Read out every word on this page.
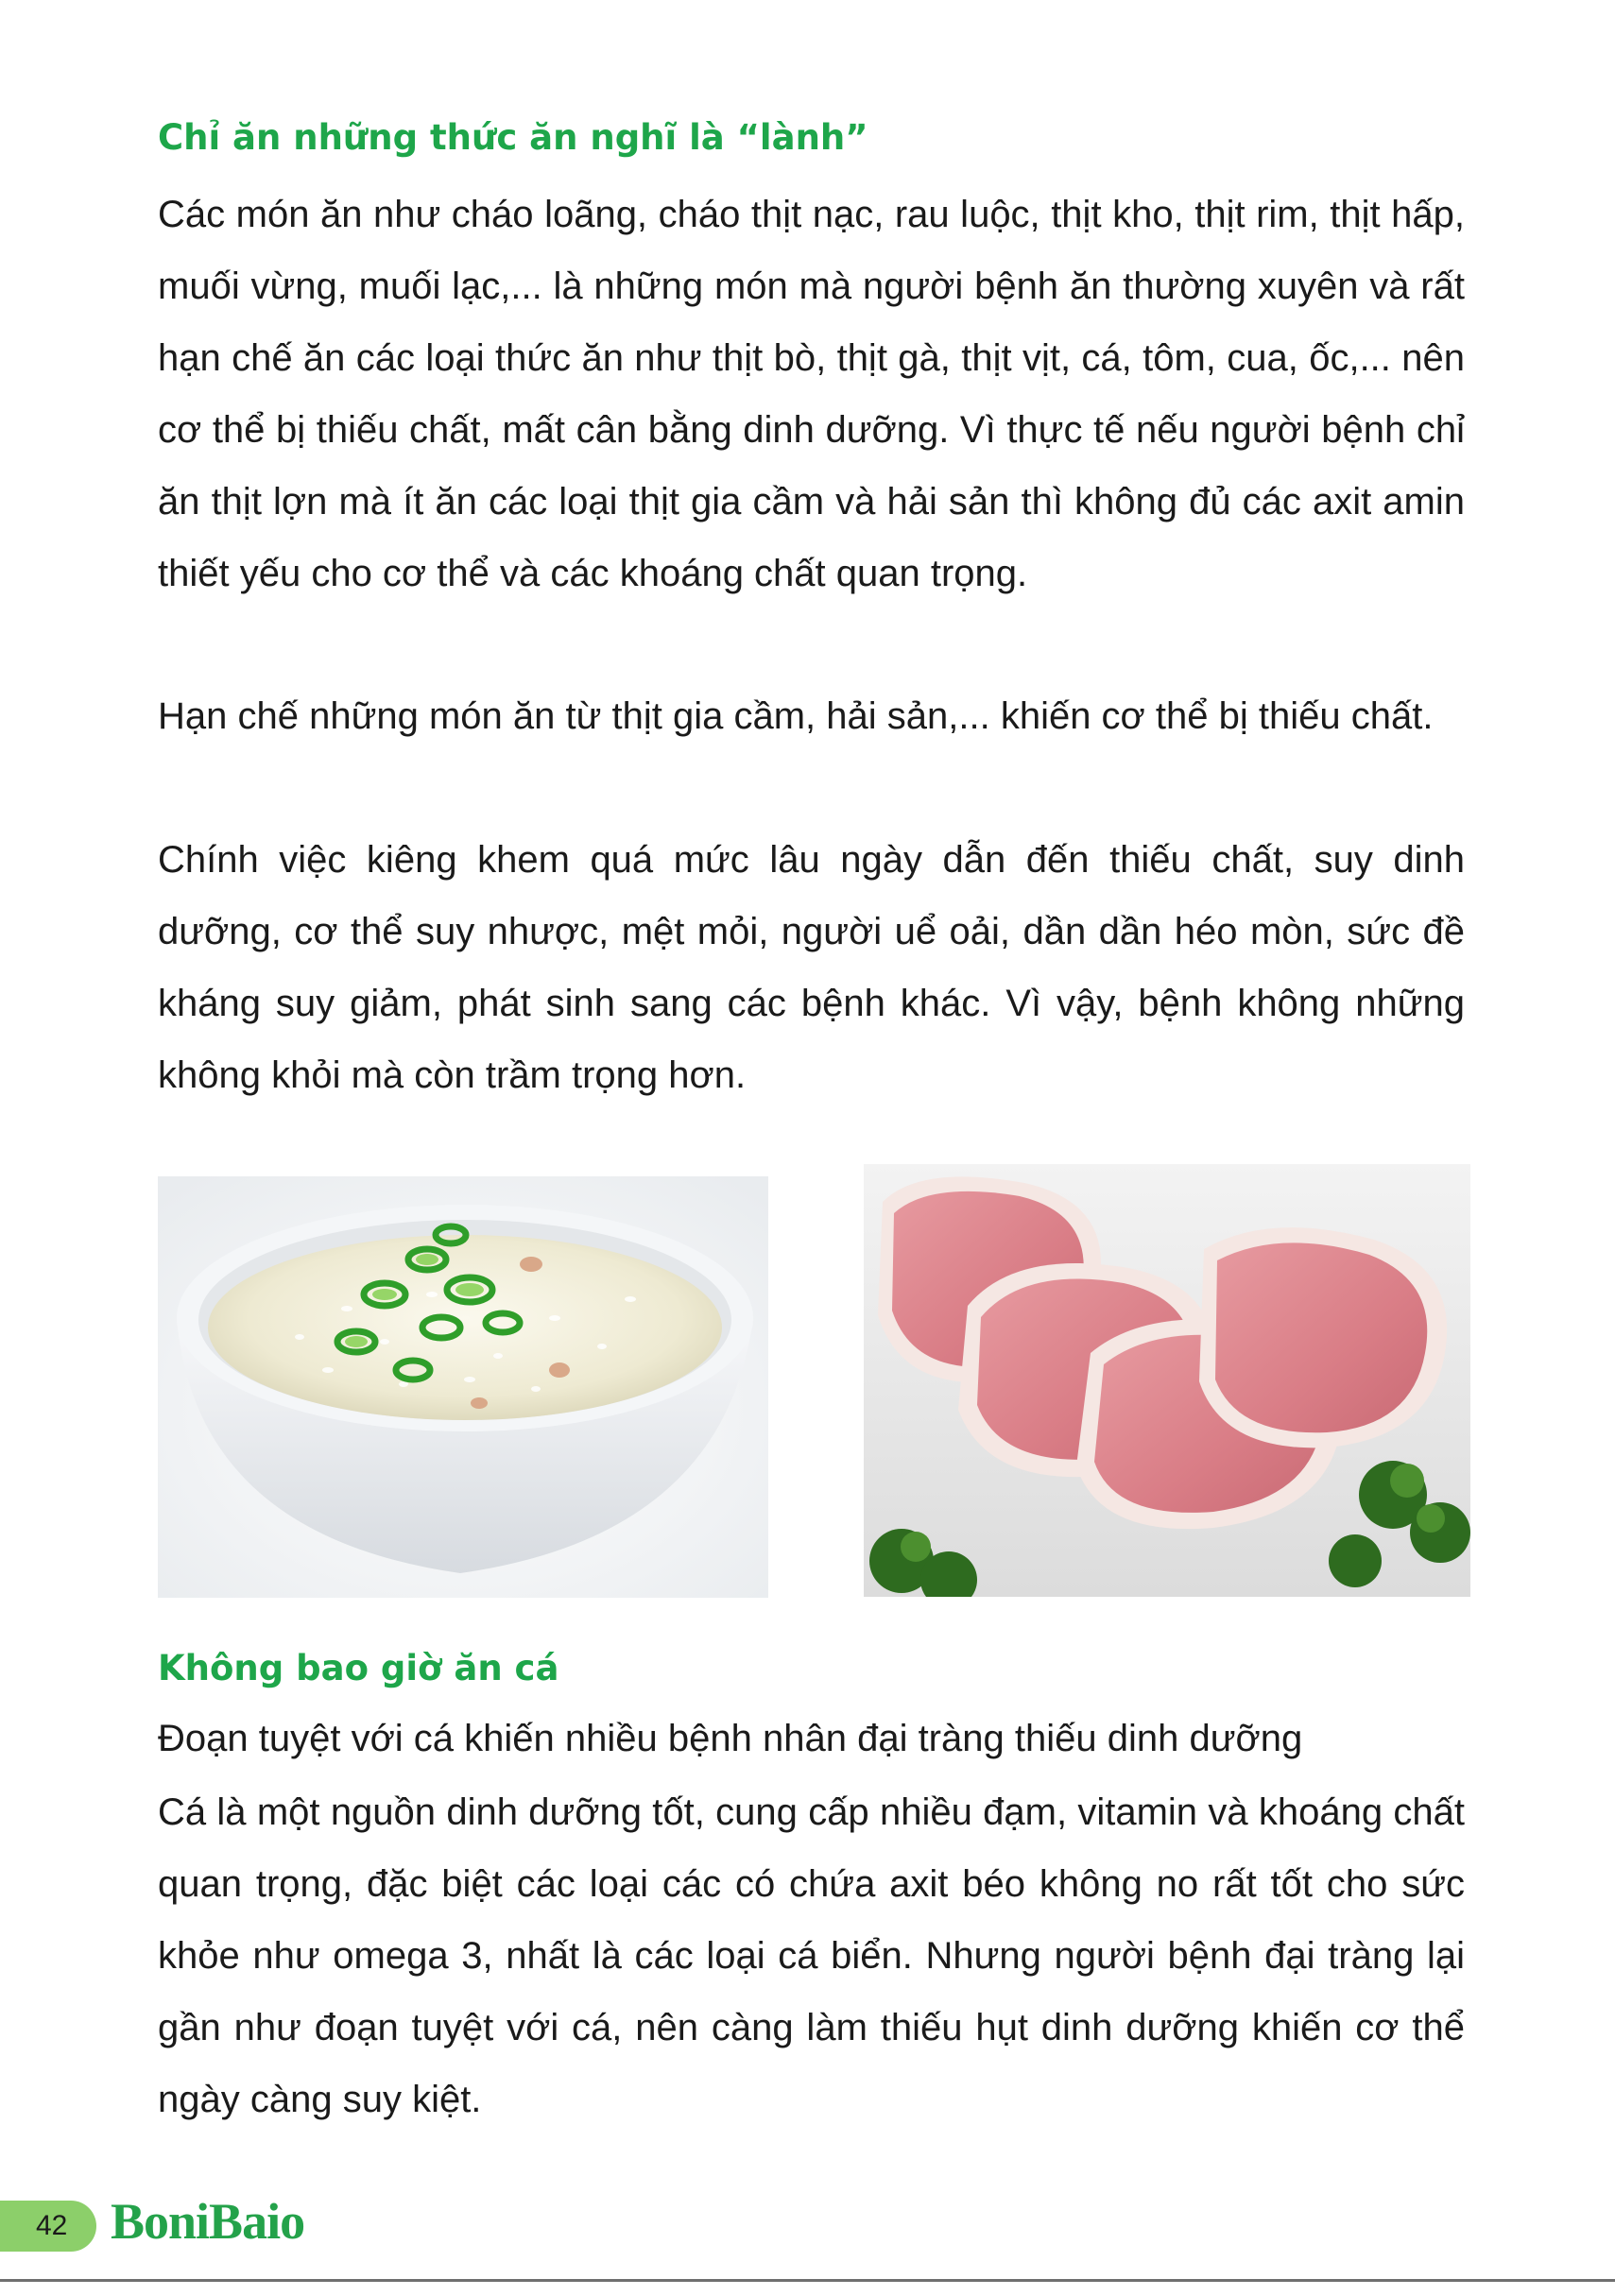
Chỉ ăn những thức ăn nghĩ là “lành”

Các món ăn như cháo loãng, cháo thịt nạc, rau luộc, thịt kho, thịt rim, thịt hấp, muối vừng, muối lạc,... là những món mà người bệnh ăn thường xuyên và rất hạn chế ăn các loại thức ăn như thịt bò, thịt gà, thịt vịt, cá, tôm, cua, ốc,... nên cơ thể bị thiếu chất, mất cân bằng dinh dưỡng. Vì thực tế nếu người bệnh chỉ ăn thịt lợn mà ít ăn các loại thịt gia cầm và hải sản thì không đủ các axit amin thiết yếu cho cơ thể và các khoáng chất quan trọng.

Hạn chế những món ăn từ thịt gia cầm, hải sản,... khiến cơ thể bị thiếu chất.

Chính việc kiêng khem quá mức lâu ngày dẫn đến thiếu chất, suy dinh dưỡng, cơ thể suy nhược, mệt mỏi, người uể oải, dần dần héo mòn, sức đề kháng suy giảm, phát sinh sang các bệnh khác. Vì vậy, bệnh không những không khỏi mà còn trầm trọng hơn.

Không bao giờ ăn cá

Đoạn tuyệt với cá khiến nhiều bệnh nhân đại tràng thiếu dinh dưỡng

Cá là một nguồn dinh dưỡng tốt, cung cấp nhiều đạm, vitamin và khoáng chất quan trọng, đặc biệt các loại các có chứa axit béo không no rất tốt cho sức khỏe như omega 3, nhất là các loại cá biển. Nhưng người bệnh đại tràng lại gần như đoạn tuyệt với cá, nên càng làm thiếu hụt dinh dưỡng khiến cơ thể ngày càng suy kiệt.

42 BoniBaio
